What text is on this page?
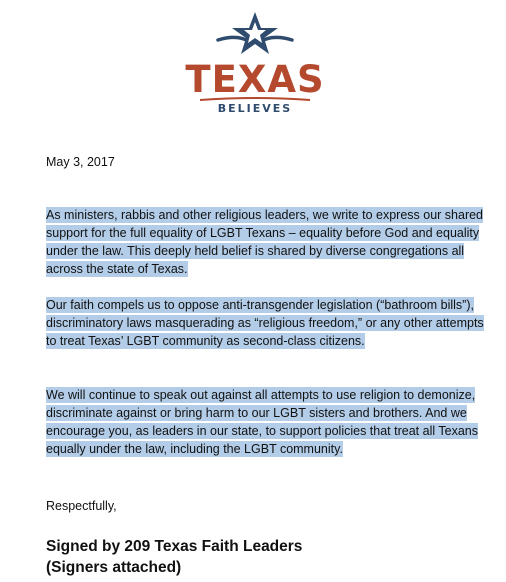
TEXAS
BELIEVES
May 3, 2017
As ministers, rabbis and other religious leaders, we write to express our shared support for the full equality of LGBT Texans – equality before God and equality under the law. This deeply held belief is shared by diverse congregations all across the state of Texas.
Our faith compels us to oppose anti-transgender legislation (“bathroom bills”), discriminatory laws masquerading as “religious freedom,” or any other attempts to treat Texas’ LGBT community as second-class citizens.
We will continue to speak out against all attempts to use religion to demonize, discriminate against or bring harm to our LGBT sisters and brothers. And we encourage you, as leaders in our state, to support policies that treat all Texans equally under the law, including the LGBT community.
Respectfully,
Signed by 209 Texas Faith Leaders
(Signers attached)
